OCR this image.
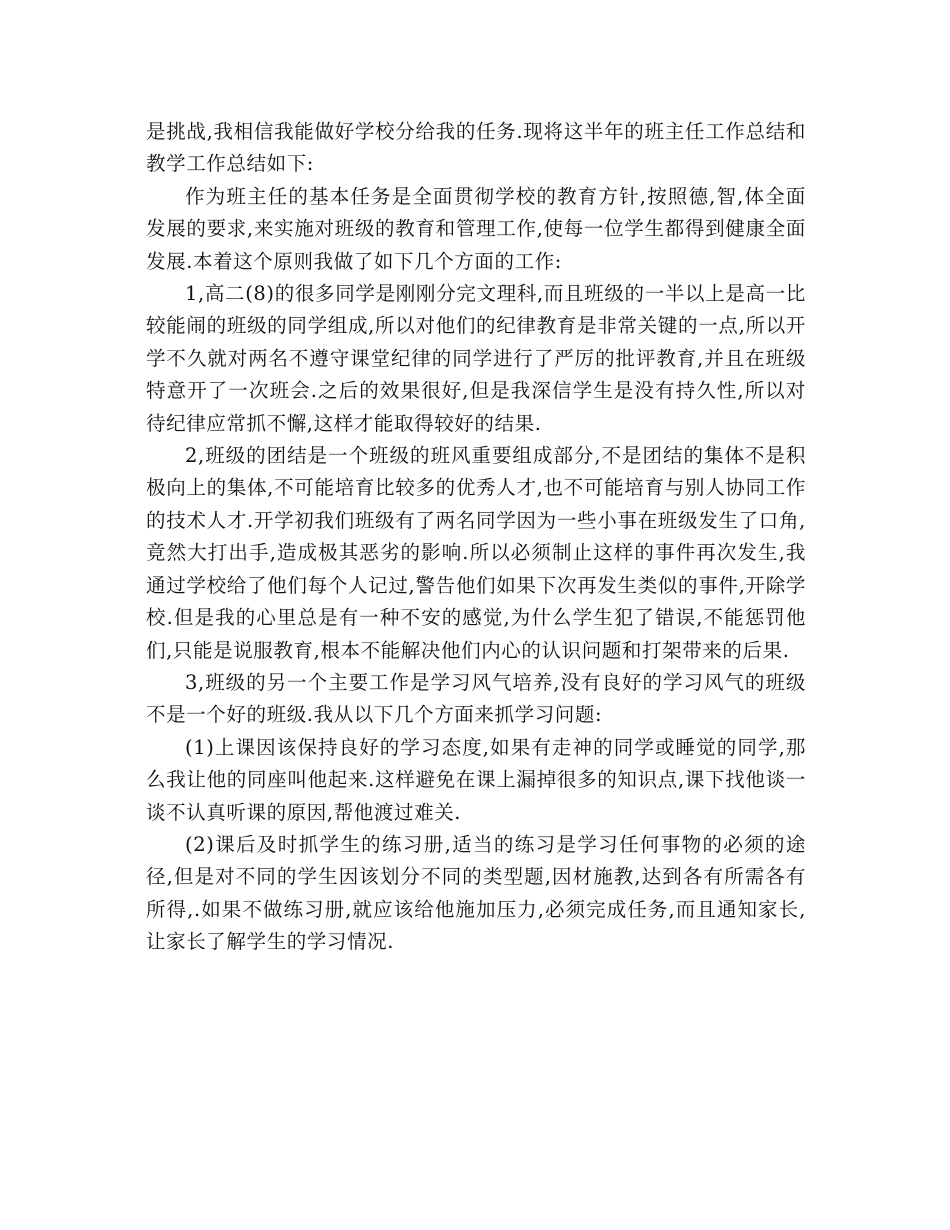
是挑战,我相信我能做好学校分给我的任务.现将这半年的班主任工作总结和教学工作总结如下:

作为班主任的基本任务是全面贯彻学校的教育方针,按照德,智,体全面发展的要求,来实施对班级的教育和管理工作,使每一位学生都得到健康全面发展.本着这个原则我做了如下几个方面的工作:

1,高二(8)的很多同学是刚刚分完文理科,而且班级的一半以上是高一比较能闹的班级的同学组成,所以对他们的纪律教育是非常关键的一点,所以开学不久就对两名不遵守课堂纪律的同学进行了严厉的批评教育,并且在班级特意开了一次班会.之后的效果很好,但是我深信学生是没有持久性,所以对待纪律应常抓不懈,这样才能取得较好的结果.

2,班级的团结是一个班级的班风重要组成部分,不是团结的集体不是积极向上的集体,不可能培育比较多的优秀人才,也不可能培育与别人协同工作的技术人才.开学初我们班级有了两名同学因为一些小事在班级发生了口角,竟然大打出手,造成极其恶劣的影响.所以必须制止这样的事件再次发生,我通过学校给了他们每个人记过,警告他们如果下次再发生类似的事件,开除学校.但是我的心里总是有一种不安的感觉,为什么学生犯了错误,不能惩罚他们,只能是说服教育,根本不能解决他们内心的认识问题和打架带来的后果.

3,班级的另一个主要工作是学习风气培养,没有良好的学习风气的班级不是一个好的班级.我从以下几个方面来抓学习问题:

(1)上课因该保持良好的学习态度,如果有走神的同学或睡觉的同学,那么我让他的同座叫他起来.这样避免在课上漏掉很多的知识点,课下找他谈一谈不认真听课的原因,帮他渡过难关.

(2)课后及时抓学生的练习册,适当的练习是学习任何事物的必须的途径,但是对不同的学生因该划分不同的类型题,因材施教,达到各有所需各有所得,.如果不做练习册,就应该给他施加压力,必须完成任务,而且通知家长,让家长了解学生的学习情况.
